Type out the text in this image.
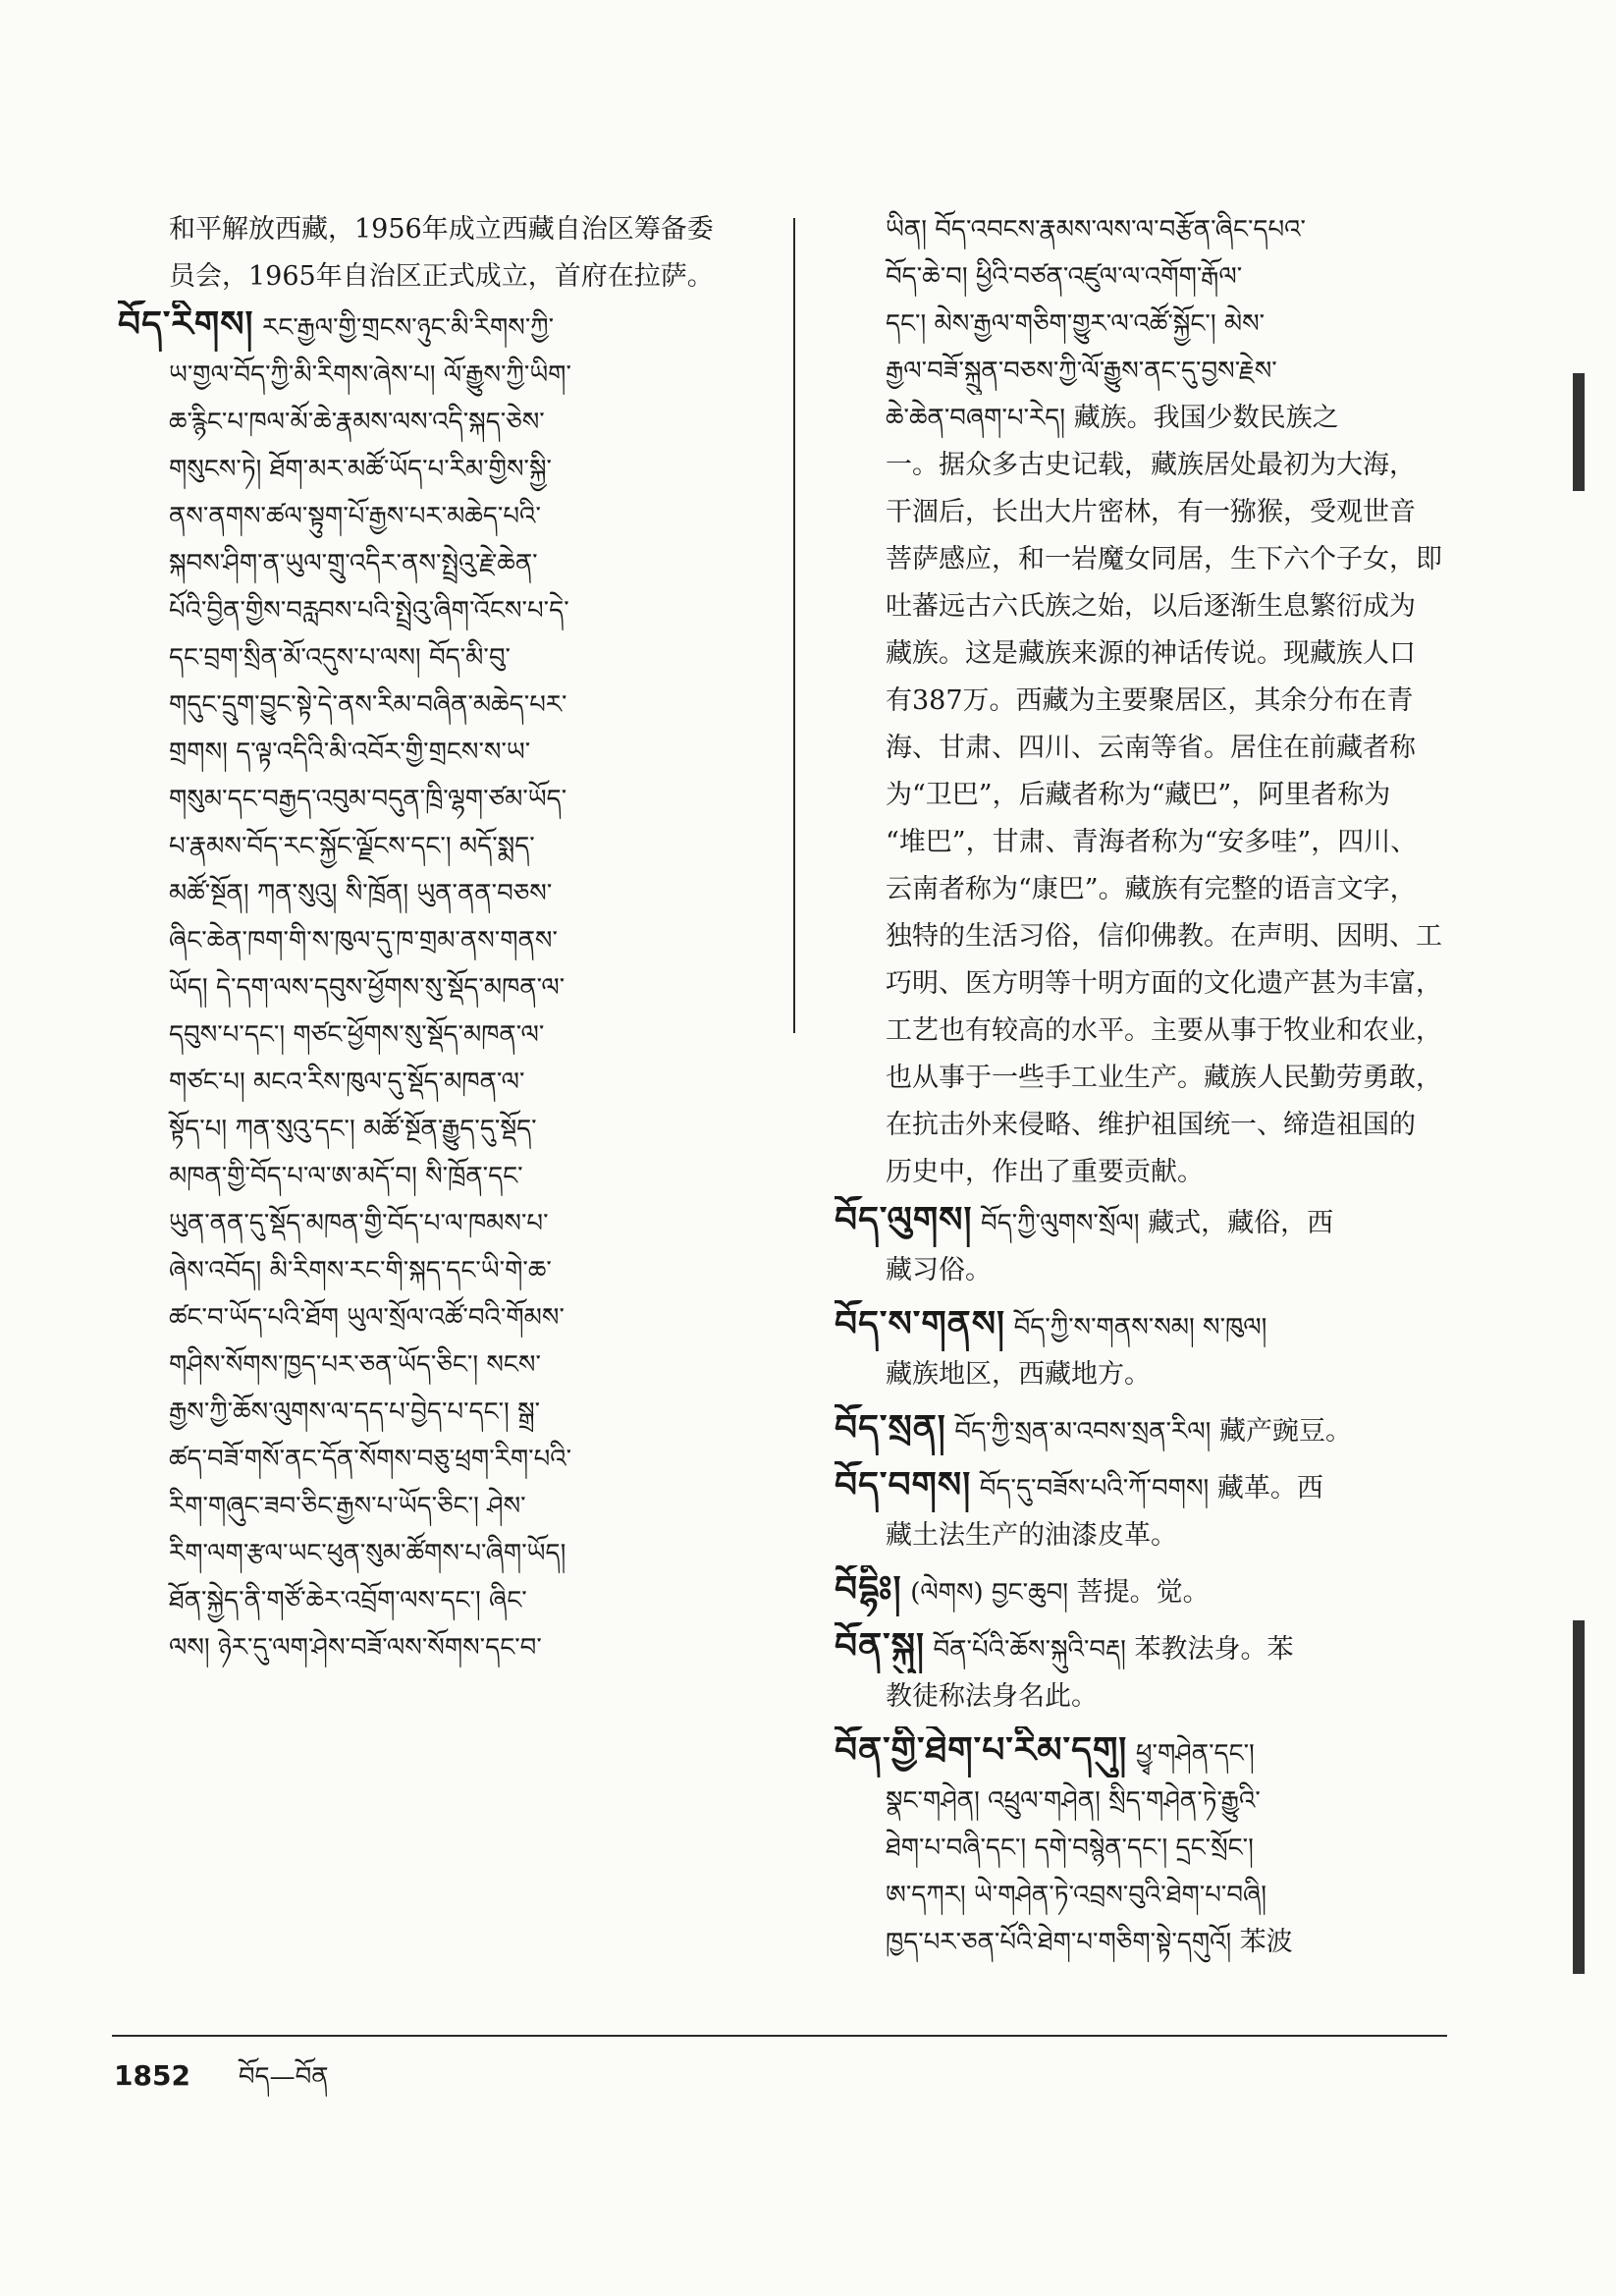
和平解放西藏，1956年成立西藏自治区筹备委
员会，1965年自治区正式成立，首府在拉萨。
བོད་རིགས། རང་རྒྱལ་གྱི་གྲངས་ཉུང་མི་རིགས་ཀྱི་
ཡ་གྱལ་བོད་ཀྱི་མི་རིགས་ཞེས་པ། ལོ་རྒྱུས་ཀྱི་ཡིག་
ཆ་རྙིང་པ་ཁལ་མོ་ཆེ་རྣམས་ལས་འདི་སྐད་ཅེས་
གསུངས་ཏེ། ཐོག་མར་མཚོ་ཡོད་པ་རིམ་གྱིས་སྐྱི་
ནས་ནགས་ཚལ་སྟུག་པོ་རྒྱས་པར་མཆེད་པའི་
སྐབས་ཤིག་ན་ཡུལ་གྲུ་འདིར་ནས་སྤྲེའུ་རྗེ་ཆེན་
པོའི་བྱིན་གྱིས་བརླབས་པའི་སྤྲེའུ་ཞིག་འོངས་པ་དེ་
དང་བྲག་སྲིན་མོ་འདུས་པ་ལས། བོད་མི་བུ་
གདུང་དྲུག་བྱུང་སྟེ་དེ་ནས་རིམ་བཞིན་མཆེད་པར་
གྲགས། ད་ལྟ་འདིའི་མི་འབོར་གྱི་གྲངས་ས་ཡ་
གསུམ་དང་བརྒྱད་འབུམ་བདུན་ཁྲི་ལྷག་ཙམ་ཡོད་
པ་རྣམས་བོད་རང་སྐྱོང་ལྗོངས་དང་། མདོ་སྨད་
མཚོ་སྔོན། ཀན་སུའུ། སི་ཁྲོན། ཡུན་ནན་བཅས་
ཞིང་ཆེན་ཁག་གི་ས་ཁུལ་དུ་ཁ་གྲམ་ནས་གནས་
ཡོད། དེ་དག་ལས་དབུས་ཕྱོགས་སུ་སྡོད་མཁན་ལ་
དབུས་པ་དང་། གཙང་ཕྱོགས་སུ་སྡོད་མཁན་ལ་
གཙང་པ། མངའ་རིས་ཁུལ་དུ་སྡོད་མཁན་ལ་
སྟོད་པ། ཀན་སུའུ་དང་། མཚོ་སྔོན་རྒྱུད་དུ་སྡོད་
མཁན་གྱི་བོད་པ་ལ་ཨ་མདོ་བ། སི་ཁྲོན་དང་
ཡུན་ནན་དུ་སྡོད་མཁན་གྱི་བོད་པ་ལ་ཁམས་པ་
ཞེས་འབོད། མི་རིགས་རང་གི་སྐད་དང་ཡི་གེ་ཆ་
ཚང་བ་ཡོད་པའི་ཐོག ཡུལ་སྲོལ་འཚོ་བའི་གོམས་
གཤིས་སོགས་ཁྱད་པར་ཅན་ཡོད་ཅིང་། སངས་
རྒྱས་ཀྱི་ཆོས་ལུགས་ལ་དད་པ་བྱེད་པ་དང་། སྒྲ་
ཚད་བཟོ་གསོ་ནང་དོན་སོགས་བཅུ་ཕྲག་རིག་པའི་
རིག་གཞུང་ཟབ་ཅིང་རྒྱས་པ་ཡོད་ཅིང་། ཤེས་
རིག་ལག་རྩལ་ཡང་ཕུན་སུམ་ཚོགས་པ་ཞིག་ཡོད།
ཐོན་སྐྱེད་ནི་གཙོ་ཆེར་འབྲོག་ལས་དང་། ཞིང་
ལས། ཉེར་དུ་ལག་ཤེས་བཟོ་ལས་སོགས་དང་བ་
ཡིན། བོད་འབངས་རྣམས་ལས་ལ་བརྩོན་ཞིང་དཔའ་
བོད་ཆེ་བ། ཕྱིའི་བཙན་འཛུལ་ལ་འགོག་རྒོལ་
དང་། མེས་རྒྱལ་གཅིག་གྱུར་ལ་འཚོ་སྐྱོང་། མེས་
རྒྱལ་བཟོ་སྐྲུན་བཅས་ཀྱི་ལོ་རྒྱུས་ནང་དུ་བྱས་རྗེས་
ཆེ་ཆེན་བཞག་པ་རེད། 藏族。我国少数民族之
一。据众多古史记载，藏族居处最初为大海，
干涸后，长出大片密林，有一猕猴，受观世音
菩萨感应，和一岩魔女同居，生下六个子女，即
吐蕃远古六氏族之始，以后逐渐生息繁衍成为
藏族。这是藏族来源的神话传说。现藏族人口
有387万。西藏为主要聚居区，其余分布在青
海、甘肃、四川、云南等省。居住在前藏者称
为“卫巴”，后藏者称为“藏巴”，阿里者称为
“堆巴”，甘肃、青海者称为“安多哇”，四川、
云南者称为“康巴”。藏族有完整的语言文字，
独特的生活习俗，信仰佛教。在声明、因明、工
巧明、医方明等十明方面的文化遗产甚为丰富，
工艺也有较高的水平。主要从事于牧业和农业，
也从事于一些手工业生产。藏族人民勤劳勇敢，
在抗击外来侵略、维护祖国统一、缔造祖国的
历史中，作出了重要贡献。
བོད་ལུགས། བོད་ཀྱི་ལུགས་སྲོལ། 藏式，藏俗，西
藏习俗。
བོད་ས་གནས། བོད་ཀྱི་ས་གནས་སམ། ས་ཁུལ།
藏族地区，西藏地方。
བོད་སྲན། བོད་ཀྱི་སྲན་མ་འབས་སྲན་རིལ། 藏产豌豆。
བོད་བགས། བོད་དུ་བཟོས་པའི་ཀོ་བགས། 藏革。西
藏土法生产的油漆皮革。
བོདྷིཿ། (ལེགས) བྱང་ཆུབ། 菩提。觉。
བོན་སྐུ། བོན་པོའི་ཆོས་སྐུའི་བརྡ། 苯教法身。苯
教徒称法身名此。
བོན་གྱི་ཐེག་པ་རིམ་དགུ། ཕྱྭ་གཤེན་དང་།
སྣང་གཤེན། འཕྲུལ་གཤེན། སྲིད་གཤེན་ཏེ་རྒྱུའི་
ཐེག་པ་བཞི་དང་། དགེ་བསྙེན་དང་། དྲང་སྲོང་།
ཨ་དཀར། ཡེ་གཤེན་ཏེ་འབྲས་བུའི་ཐེག་པ་བཞི།
ཁྱད་པར་ཅན་པོའི་ཐེག་པ་གཅིག་སྟེ་དགུའོ། 苯波
1852 བོད—བོན
